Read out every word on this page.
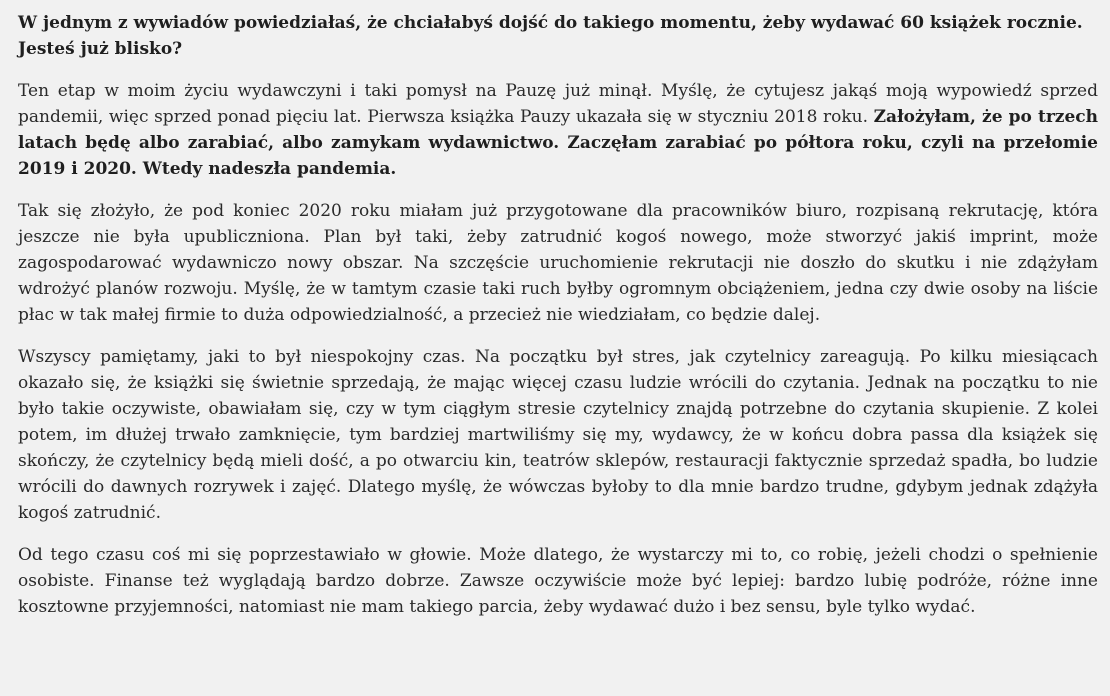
W jednym z wywiadów powiedziałaś, że chciałabyś dojść do takiego momentu, żeby wydawać 60 książek rocznie. Jesteś już blisko?

Ten etap w moim życiu wydawczyni i taki pomysł na Pauzę już minął. Myślę, że cytujesz jakąś moją wypowiedź sprzed pandemii, więc sprzed ponad pięciu lat. Pierwsza książka Pauzy ukazała się w styczniu 2018 roku. Założyłam, że po trzech latach będę albo zarabiać, albo zamykam wydawnictwo. Zaczęłam zarabiać po półtora roku, czyli na przełomie 2019 i 2020. Wtedy nadeszła pandemia.

Tak się złożyło, że pod koniec 2020 roku miałam już przygotowane dla pracowników biuro, rozpisaną rekrutację, która jeszcze nie była upubliczniona. Plan był taki, żeby zatrudnić kogoś nowego, może stworzyć jakiś imprint, może zagospodarować wydawniczo nowy obszar. Na szczęście uruchomienie rekrutacji nie doszło do skutku i nie zdążyłam wdrożyć planów rozwoju. Myślę, że w tamtym czasie taki ruch byłby ogromnym obciążeniem, jedna czy dwie osoby na liście płac w tak małej firmie to duża odpowiedzialność, a przecież nie wiedziałam, co będzie dalej.

Wszyscy pamiętamy, jaki to był niespokojny czas. Na początku był stres, jak czytelnicy zareagują. Po kilku miesiącach okazało się, że książki się świetnie sprzedają, że mając więcej czasu ludzie wrócili do czytania. Jednak na początku to nie było takie oczywiste, obawiałam się, czy w tym ciągłym stresie czytelnicy znajdą potrzebne do czytania skupienie. Z kolei potem, im dłużej trwało zamknięcie, tym bardziej martwiliśmy się my, wydawcy, że w końcu dobra passa dla książek się skończy, że czytelnicy będą mieli dość, a po otwarciu kin, teatrów sklepów, restauracji faktycznie sprzedaż spadła, bo ludzie wrócili do dawnych rozrywek i zajęć. Dlatego myślę, że wówczas byłoby to dla mnie bardzo trudne, gdybym jednak zdążyła kogoś zatrudnić.

Od tego czasu coś mi się poprzestawiało w głowie. Może dlatego, że wystarczy mi to, co robię, jeżeli chodzi o spełnienie osobiste. Finanse też wyglądają bardzo dobrze. Zawsze oczywiście może być lepiej: bardzo lubię podróże, różne inne kosztowne przyjemności, natomiast nie mam takiego parcia, żeby wydawać dużo i bez sensu, byle tylko wydać.
